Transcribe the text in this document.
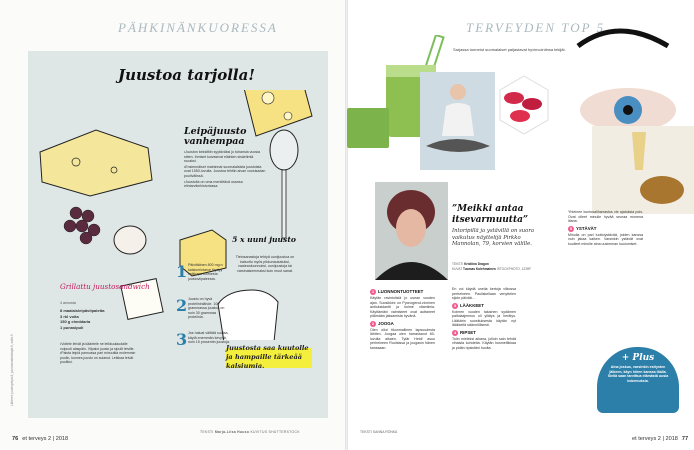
PÄHKINÄNKUORESSA
Juustoa tarjolla!
Leipäjuusto vanhempaa
• Juuston keksittiin syytäväksi jo tuhansia vuosia sitten. Ihmiset kuivasivat eläinten sisäelimiä ruuaksi.
• Ensimmäiset maininnat suomalaisista juustoista ovat 1550-luvulta. Juustoa tehtiin aivan vuosisadan puolivälissä.
• Juustolla on oma merkittävä osansa elintarvikehistoriassa.
5 x uuni juusto
Tietosanastoja tehtyä uunijuustoa on katsottu myös pikkunaukatuksi, vaaleanluonnoksi, uunijuustoja tai varsinaisemmaksi kuin muut sanat.
1 Päivittäinen 800 mg:n kalsiumintarve täyttyy vaikkapa kolmesta juustoviipaleesta.
2 Juusto on hyvä proteiininlähde. 100 grammassa juustoa on noin 30 grammaa proteiinia.
3 Jos haluat välttää suolaa, käytä enemmän kevyitä, noin 15 prosentin juustoja.
Grillattu juustosandwich
4 annosta
8 maalaisleipäviipaletta
3 rkl voita
150 g cheddaria
1 punasipuli
• Voitele leivät ja kääntele ne leikkuulaudalle voipuoli alaspäin. Viipaloi juusto ja sipulit leiville.
• Paista leipiä pannussa pari minuuttia molemmin puolin, kunnes juusto on sulanut. Leikkaa leivät puoliksi.
Juustosta saa kuutolle ja hampaille tärkeää kalsiumia.
TEKSTI Marja-Liisa Huuso KUVITUS SHUTTERSTOCK
Lähteet: juustopeipa.fi, juustonvalmistajat.fi, valio.fi
76 et terveys 2 | 2018
TERVEYDEN TOP 5
Sarjassa tunnetut suomalaiset paljastavat hyvinvointinsa tekijät.
”Meikki antaa itsevarmuutta”
Intoripillä ja ystävillä on suora vaikutus näyttelijä Pirkko Mannolan, 79, korvien välille.
TEKSTI Kristiina Dragon
KUVAT Tuomas Kolehmainen ISTOCKPHOTO, 123RF
1 LUONNONTUOTTEET
Käytän ravintolisiä jo usean vuoden ajan. Suosikkini on Pycnogenol-niminen antioksidantti ja kolme vitamiinia. Käyttämäni valmisteet ovat auttaneet pitämään jaksamista hyvänä.
2 JOOGA
Olen ollut tikunmallinen lapsuudesta lähtien. Joogaa olen harrastanut 60-luvulta alkaen. Tytär Heidi asuu perheineen Ruotsissa ja joogasin hänen kanssaan.
En voi käydä uneila kertoja viikossa perheineen. Pauliskellaan venyttelen sijoin päivää...
3 LÄÄKKEET
Kolmen vuoden takainen sydämen pallolaajennus oli yllätys ja herätys. Lääkärin suosituksesta käytän nyt lääkkeitä säännöllisesti.
4 RIPSET
Tulin mieleksi aikana, jolloin sain tehdä vihaista kohdetta. Käytän kosmetiikkaa ja pidän ripsistäni huolta.
Yhteinen kuntosaliharrastus vie ajatuksia pois. Ovat olleet minulle hyvää seuraa monena iltana.
5 YSTÄVÄT
Minulla on pari luottoystävää, joiden kanssa voin jakaa kaiken. Varsinkin ystävät ovat kuulleet minulle aina uusimman kuulumiset.
+ Plus
Aina joskus, varsinkin esitysten jälkeen, käyn hiiren kanssa illalla. Siellä saan tarvittua elämästä uusia kokemuksia.
TEKSTI SANNA RÖNKÄ
et terveys 2 | 2018 77
